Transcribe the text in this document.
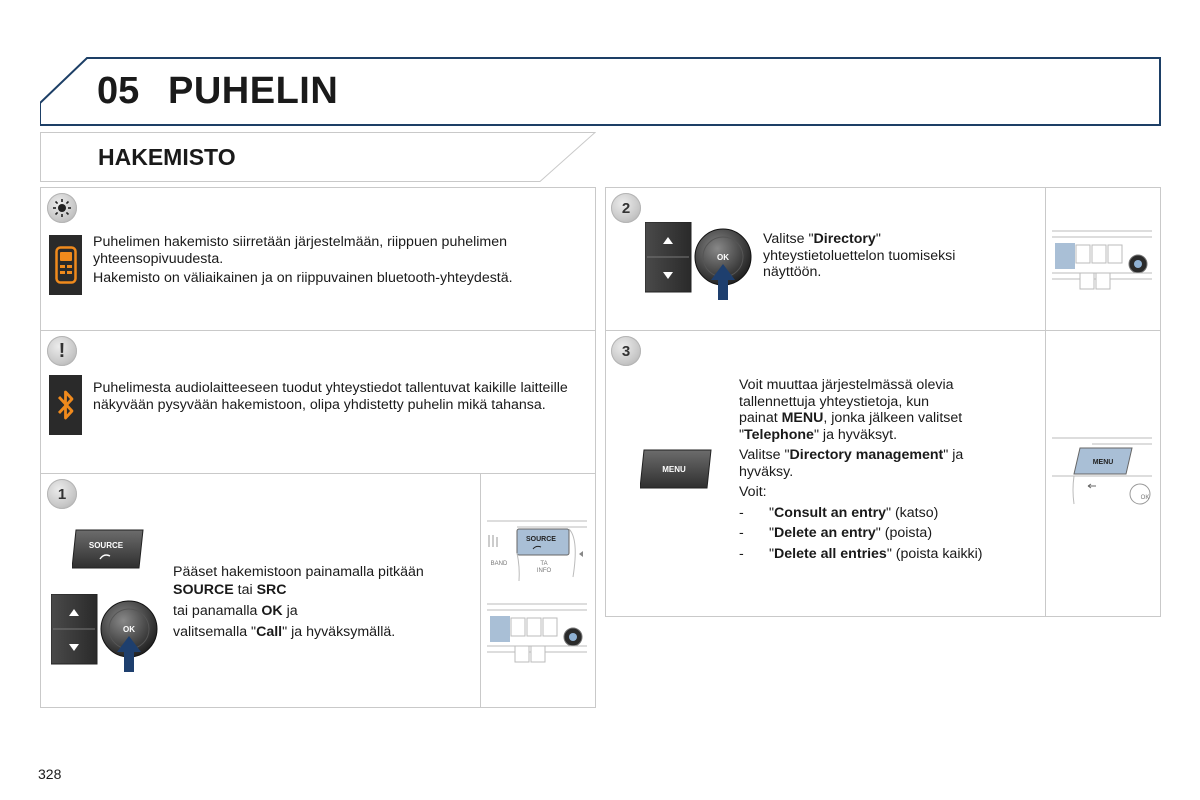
05 PUHELIN
HAKEMISTO

Puhelimen hakemisto siirretään järjestelmään, riippuen puhelimen yhteensopivuudesta.

Hakemisto on väliaikainen ja on riippuvainen bluetooth-yhteydestä.

!
Puhelimesta audiolaitteeseen tuodut yhteystiedot tallentuvat kaikille laitteille näkyvään pysyvään hakemistoon, olipa yhdistetty puhelin mikä tahansa.
1
SOURCE
OK

Pääset hakemistoon painamalla pitkään

SOURCE tai SRC

tai panamalla OK ja

valitsemalla "Call" ja hyväksymällä.

SOURCE
BAND	TA
INFO
2
OK

Valitse "Directory"

yhteystietoluettelon tuomiseksi

näyttöön.

3
MENU

Voit muuttaa järjestelmässä olevia

tallennettuja yhteystietoja, kun

painat MENU, jonka jälkeen valitset

"Telephone" ja hyväksyt.

Valitse "Directory management" ja

hyväksy.

Voit:

- "Consult an entry" (katso)
- "Delete an entry" (poista)
- "Delete all entries" (poista kaikki)
MENU
OK
328
